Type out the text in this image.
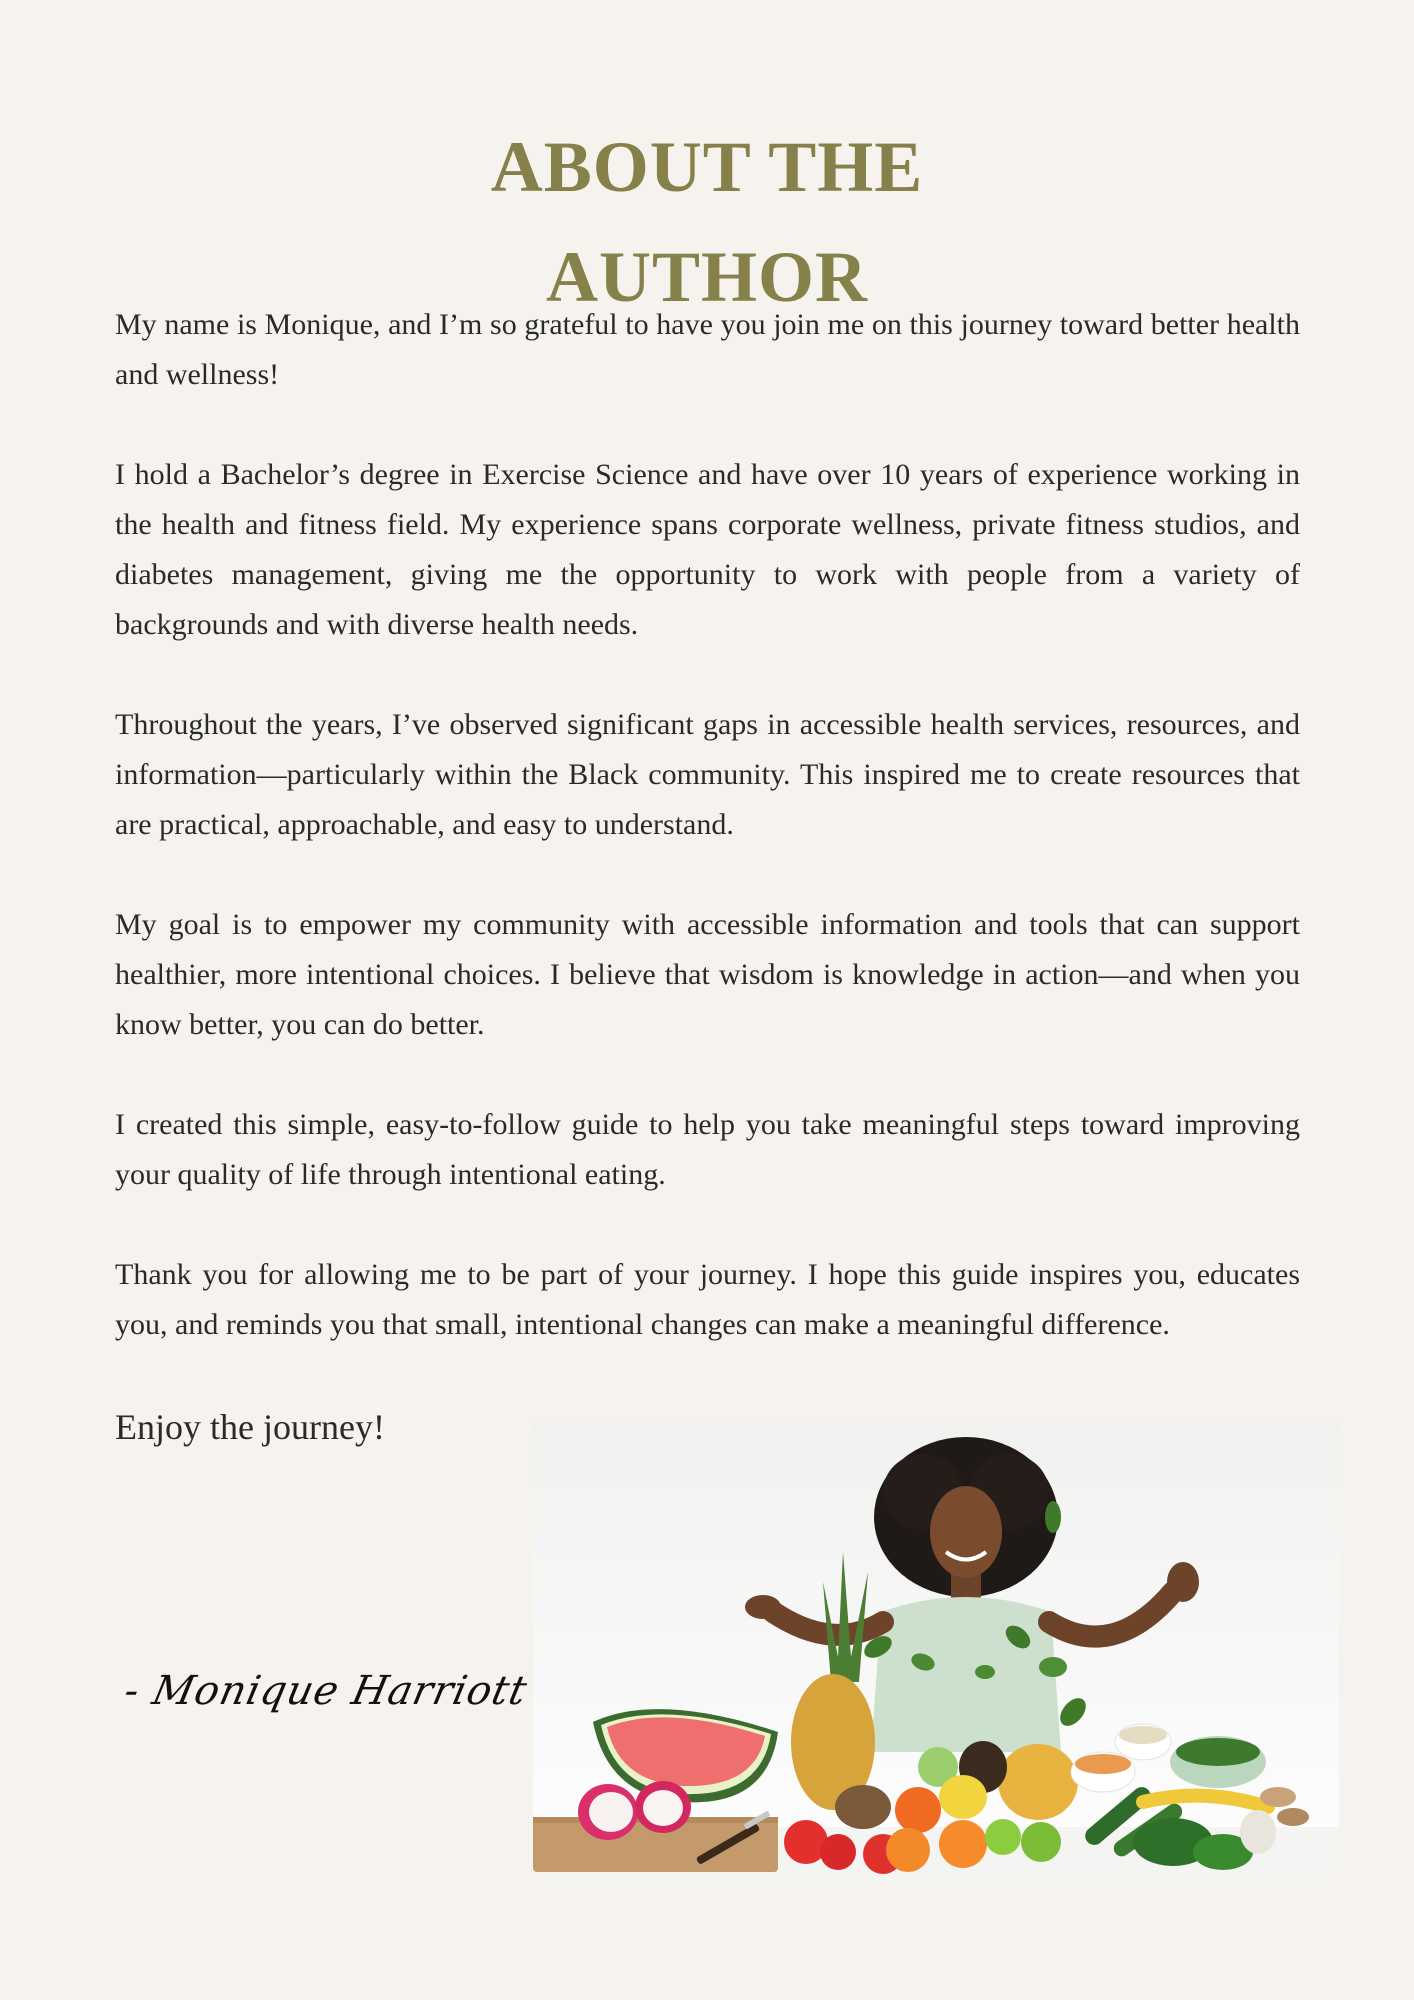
ABOUT THE
AUTHOR

My name is Monique, and I’m so grateful to have you join me on this journey toward better health and wellness!

I hold a Bachelor’s degree in Exercise Science and have over 10 years of experience working in the health and fitness field. My experience spans corporate wellness, private fitness studios, and diabetes management, giving me the opportunity to work with people from a variety of backgrounds and with diverse health needs.

Throughout the years, I’ve observed significant gaps in accessible health services, resources, and information—particularly within the Black community. This inspired me to create resources that are practical, approachable, and easy to understand.

My goal is to empower my community with accessible information and tools that can support healthier, more intentional choices. I believe that wisdom is knowledge in action—and when you know better, you can do better.

I created this simple, easy-to-follow guide to help you take meaningful steps toward improving your quality of life through intentional eating.

Thank you for allowing me to be part of your journey. I hope this guide inspires you, educates you, and reminds you that small, intentional changes can make a meaningful difference.

Enjoy the journey!
- Monique Harriott
